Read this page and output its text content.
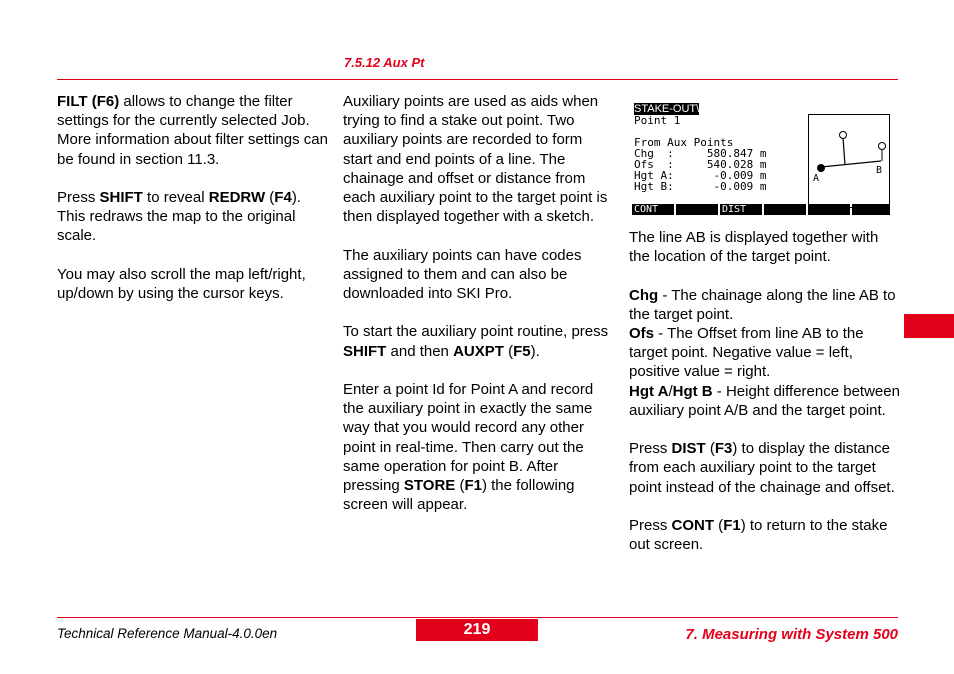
7.5.12 Aux Pt

FILT (F6) allows to change the filter settings for the currently selected Job. More information about filter settings can be found in section 11.3.

Press SHIFT to reveal REDRW (F4). This redraws the map to the original scale.

You may also scroll the map left/right, up/down by using the cursor keys.

Auxiliary points are used as aids when trying to find a stake out point. Two auxiliary points are recorded to form start and end points of a line. The chainage and offset or distance from each auxiliary point to the target point is then displayed together with a sketch.

The auxiliary points can have codes assigned to them and can also be downloaded into SKI Pro.

To start the auxiliary point routine, press SHIFT and then AUXPT (F5).

Enter a point Id for Point A and record the auxiliary point in exactly the same way that you would record any other point in real-time. Then carry out the same operation for point B. After pressing STORE (F1) the following screen will appear.

STAKE-OUT\
Point 1
From Aux Points
Chg  :     580.847 m
Ofs  :     540.028 m
Hgt A:      -0.009 m
Hgt B:      -0.009 m
A
B
CONT	DIST

The line AB is displayed together with the location of the target point.

Chg - The chainage along the line AB to the target point.

Ofs - The Offset from line AB to the target point. Negative value = left, positive value = right.

Hgt A/Hgt B - Height difference between auxiliary point A/B and the target point.

Press DIST (F3) to display the distance from each auxiliary point to the target point instead of the chainage and offset.

Press CONT (F1) to return to the stake out screen.

Technical Reference Manual-4.0.0en	219	7. Measuring with System 500
